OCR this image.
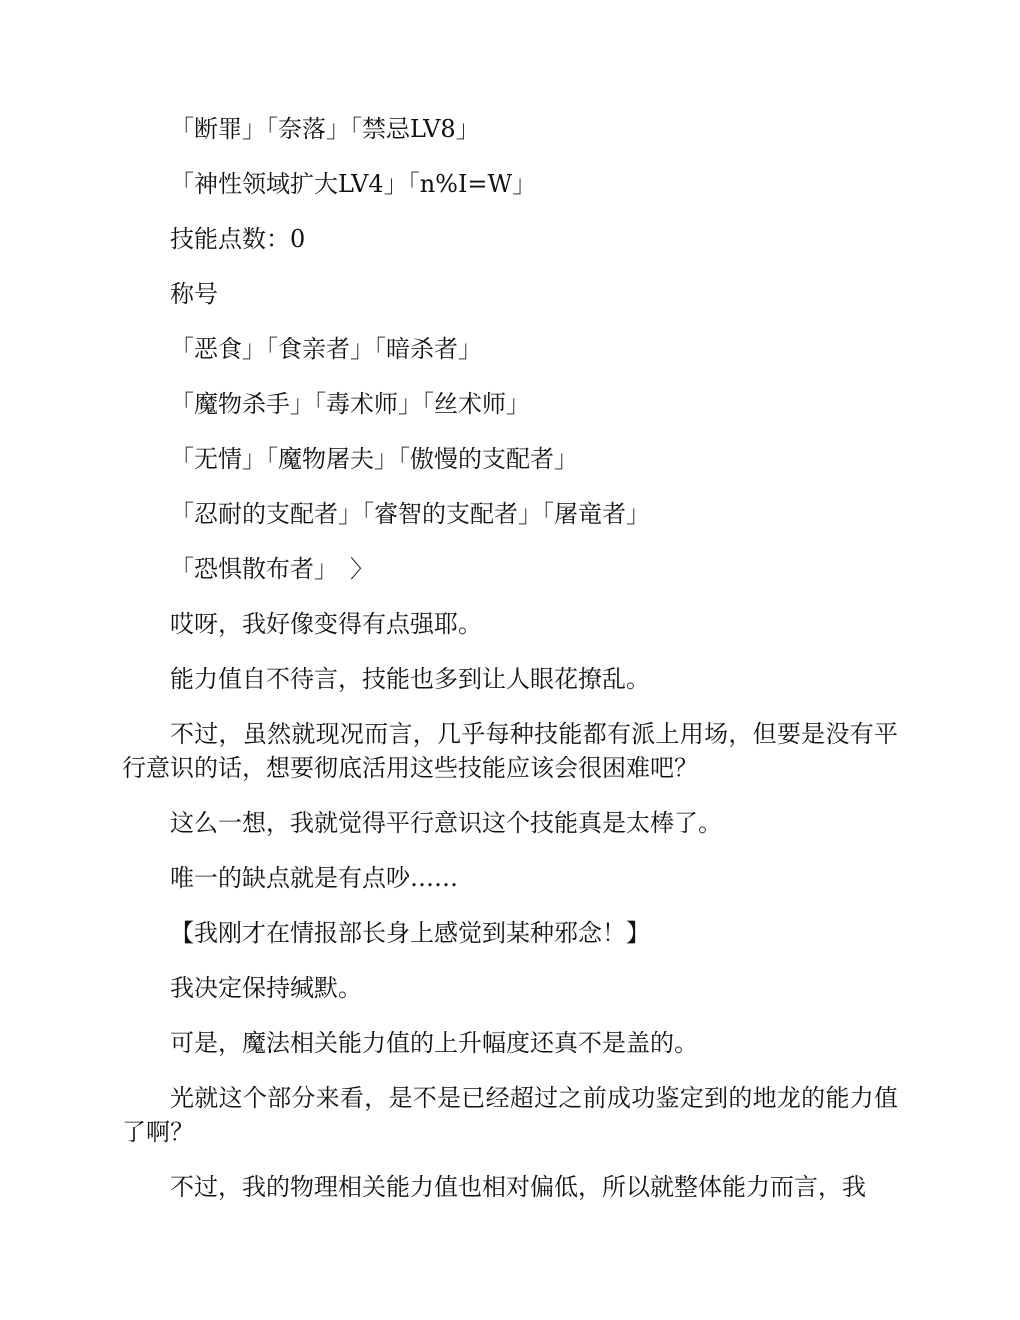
「断罪」「奈落」「禁忌LV8」

「神性领域扩大LV4」「n%I=W」

技能点数：0

称号

「恶食」「食亲者」「暗杀者」

「魔物杀手」「毒术师」「丝术师」

「无情」「魔物屠夫」「傲慢的支配者」

「忍耐的支配者」「睿智的支配者」「屠竜者」

「恐惧散布者」　〉

哎呀，我好像变得有点强耶。

能力值自不待言，技能也多到让人眼花撩乱。

不过，虽然就现况而言，几乎每种技能都有派上用场，但要是没有平行意识的话，想要彻底活用这些技能应该会很困难吧？

这么一想，我就觉得平行意识这个技能真是太棒了。

唯一的缺点就是有点吵……

【我刚才在情报部长身上感觉到某种邪念！】

我决定保持缄默。

可是，魔法相关能力值的上升幅度还真不是盖的。

光就这个部分来看，是不是已经超过之前成功鉴定到的地龙的能力值了啊？

不过，我的物理相关能力值也相对偏低，所以就整体能力而言，我
